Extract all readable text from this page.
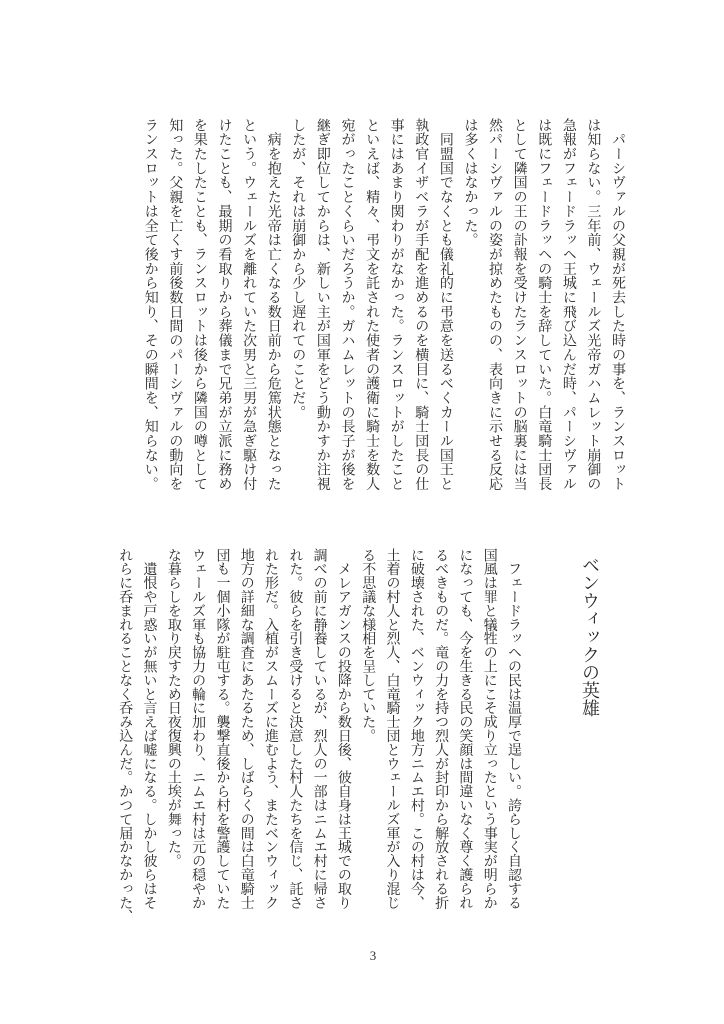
　パーシヴァルの父親が死去した時の事を、ランスロット
は知らない。三年前、ウェールズ光帝ガハムレット崩御の
急報がフェードラッヘ王城に飛び込んだ時、パーシヴァル
は既にフェードラッヘの騎士を辞していた。白竜騎士団長
として隣国の王の訃報を受けたランスロットの脳裏には当
然パーシヴァルの姿が掠めたものの、表向きに示せる反応
は多くはなかった。
　同盟国でなくとも儀礼的に弔意を送るべくカール国王と
執政官イザベラが手配を進めるのを横目に、騎士団長の仕
事にはあまり関わりがなかった。ランスロットがしたこと
といえば、精々、弔文を託された使者の護衛に騎士を数人
宛がったことくらいだろうか。ガハムレットの長子が後を
継ぎ即位してからは、新しい主が国軍をどう動かすか注視
したが、それは崩御から少し遅れてのことだ。
　病を抱えた光帝は亡くなる数日前から危篤状態となった
という。ウェールズを離れていた次男と三男が急ぎ駆け付
けたことも、最期の看取りから葬儀まで兄弟が立派に務め
を果たしたことも、ランスロットは後から隣国の噂として
知った。父親を亡くす前後数日間のパーシヴァルの動向を
ランスロットは全て後から知り、その瞬間を、知らない。
ベンウィックの英雄
　フェードラッヘの民は温厚で逞しい。誇らしく自認する
国風は罪と犠牲の上にこそ成り立ったという事実が明らか
になっても、今を生きる民の笑顔は間違いなく尊く護られ
るべきものだ。竜の力を持つ烈人が封印から解放される折
に破壊された、ベンウィック地方ニムエ村。この村は今、
土着の村人と烈人、白竜騎士団とウェールズ軍が入り混じ
る不思議な様相を呈していた。
　メレアガンスの投降から数日後、彼自身は王城での取り
調べの前に静養しているが、烈人の一部はニムエ村に帰さ
れた。彼らを引き受けると決意した村人たちを信じ、託さ
れた形だ。入植がスムーズに進むよう、またベンウィック
地方の詳細な調査にあたるため、しばらくの間は白竜騎士
団も一個小隊が駐屯する。襲撃直後から村を警護していた
ウェールズ軍も協力の輪に加わり、ニムエ村は元の穏やか
な暮らしを取り戻すため日夜復興の土埃が舞った。
　遺恨や戸惑いが無いと言えば嘘になる。しかし彼らはそ
れらに呑まれることなく呑み込んだ。かつて届かなかった、
3
